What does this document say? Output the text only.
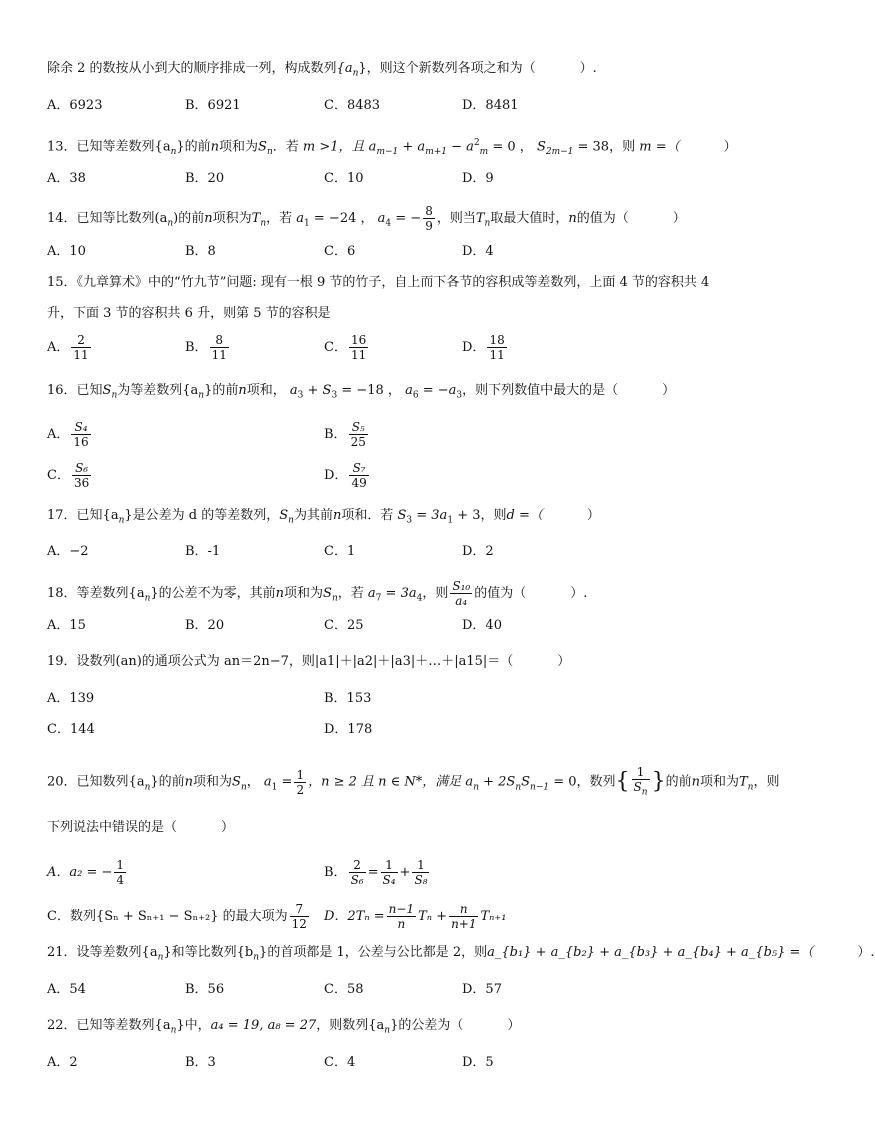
除余 2 的数按从小到大的顺序排成一列，构成数列$\{a_n\}$，则这个新数列各项之和为（	）.
A．6923	B．6921	C．8483	D．8481
13．已知等差数列$\{a_n\}$的前n项和为$S_n$．若 m >1，且 $a_{m-1} + a_{m+1} - a^2_m = 0$ ， $S_{2m-1} = 38$，则 m =（	）
A．38	B．20	C．10	D．9
14．已知等比数列$(a_n)$的前n项积为$T_n$，若 $a_1 = -24$ ， $a_4$ = − $\frac{8}{9}$ ，则当$T_n$取最大值时，n的值为（	）
A．10	B．8	C．6	D．4
15．《九章算术》中的“竹九节”问题: 现有一根 9 节的竹子，自上而下各节的容积成等差数列，上面 4 节的容积共 4
升，下面 3 节的容积共 6 升，则第 5 节的容积是
A． $\frac{2}{11}$	B． $\frac{8}{11}$	C． $\frac{16}{11}$	D． $\frac{18}{11}$
16．已知$S_n$为等差数列$\{a_n\}$的前n项和， $a_3 + S_3 = -18$ ， $a_6 = -a_3$，则下列数值中最大的是（	）
A． $\frac{\text{S₄}}{16}$	B． $\frac{\text{S₅}}{25}$
C． $\frac{\text{S₆}}{36}$	D． $\frac{\text{S₇}}{49}$
17．已知$\{a_n\}$是公差为 d 的等差数列，$S_n$为其前n项和．若 $S_3 = 3a_1 + 3$，则d =（	）
A．−2	B．-1	C．1	D．2
18．等差数列$\{a_n\}$的公差不为零，其前n项和为$S_n$，若 $a_7 = 3a_4$，则 $\frac{\text{S₁₀}}{\text{a₄}}$ 的值为（	）.
A．15	B．20	C．25	D．40
19．设数列(an)的通项公式为 an＝2n−7，则|a1|＋|a2|＋|a3|＋…＋|a15|＝（	）
A．139	B．153
C．144	D．178
20．已知数列$\{a_n\}$的前n项和为$S_n$， $a_1 = \frac{1}{2}$ ，n ≥ 2 且 n ∈ N*，满足 $a_n + 2S_nS_{n-1} = 0$，数列{ $\frac{1}{S_n}$ }的前n项和为$T_n$，则
下列说法中错误的是（	）
A．a₂ = − $\frac{1}{4}$	B． $\frac{2}{\text{S₆}} = \frac{1}{\text{S₄}} + \frac{1}{\text{S₈}}$
C．数列{Sₙ + Sₙ₊₁ − Sₙ₊₂} 的最大项为 $\frac{7}{12}$ D．$2T_n = \frac{n-1}{n}$ $T_n + \frac{n}{n+1} T_{n+1}$
21．设等差数列$\{a_n\}$和等比数列$\{b_n\}$的首项都是 1，公差与公比都是 2，则a_{b₁} + a_{b₂} + a_{b₃} + a_{b₄} + a_{b₅} =（	）.
A．54	B．56	C．58	D．57
22．已知等差数列$\{a_n\}$中，a₄ = 19, a₈ = 27，则数列$\{a_n\}$的公差为（	）
A．2	B．3	C．4	D．5
